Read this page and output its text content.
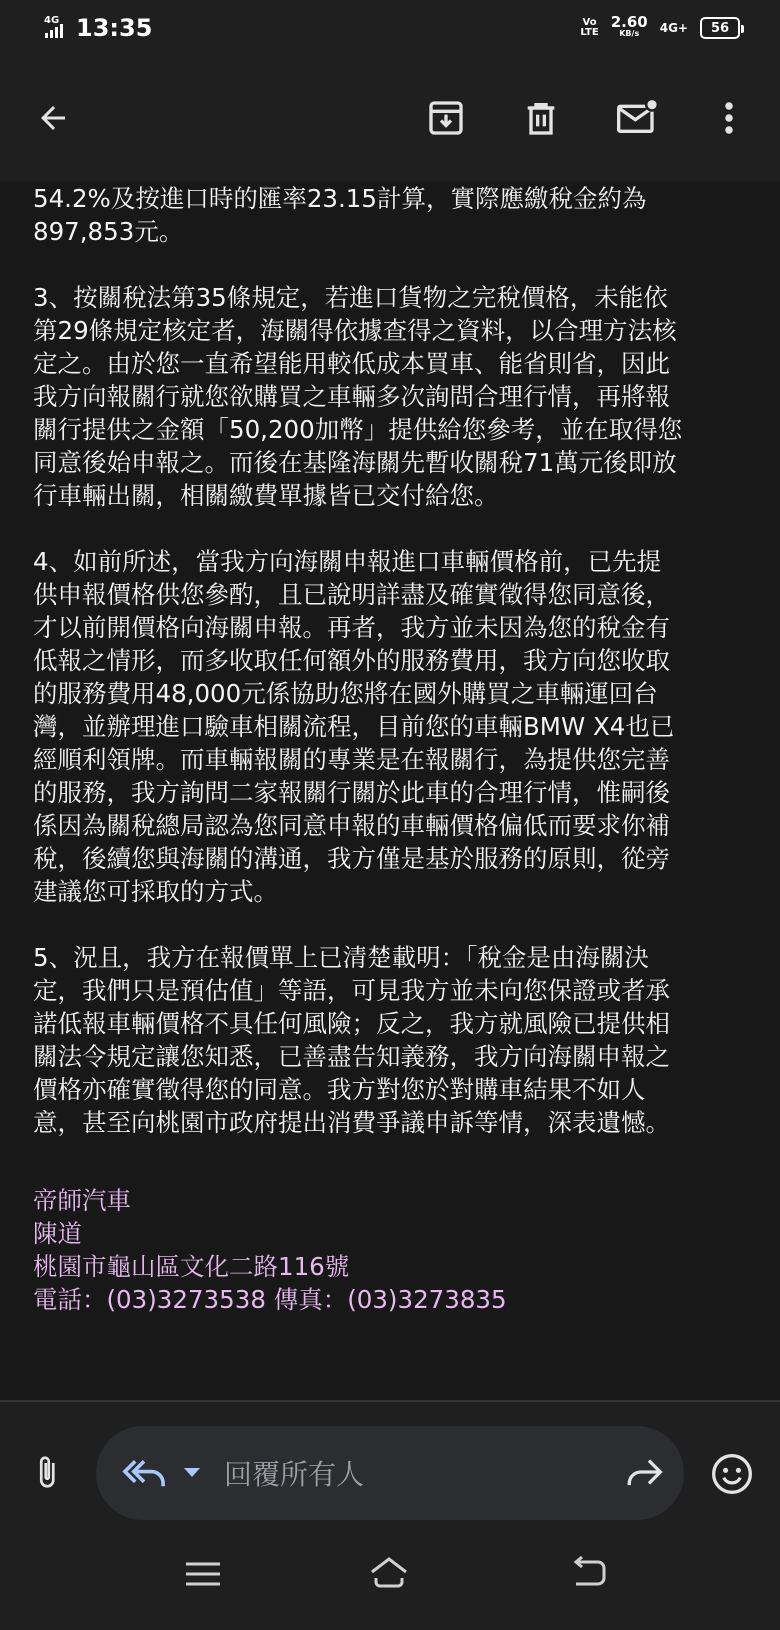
4G 13:35	Vo
LTE
2.60
KB/s	4G+ 56

54.2%及按進口時的匯率23.15計算，實際應繳稅金約為
897,853元。

3、按關稅法第35條規定，若進口貨物之完稅價格，未能依
第29條規定核定者，海關得依據查得之資料，以合理方法核
定之。由於您一直希望能用較低成本買車、能省則省，因此
我方向報關行就您欲購買之車輛多次詢問合理行情，再將報
關行提供之金額「50,200加幣」提供給您參考，並在取得您
同意後始申報之。而後在基隆海關先暫收關稅71萬元後即放
行車輛出關，相關繳費單據皆已交付給您。

4、如前所述，當我方向海關申報進口車輛價格前，已先提
供申報價格供您參酌，且已說明詳盡及確實徵得您同意後，
才以前開價格向海關申報。再者，我方並未因為您的稅金有
低報之情形，而多收取任何額外的服務費用，我方向您收取
的服務費用48,000元係協助您將在國外購買之車輛運回台
灣，並辦理進口驗車相關流程，目前您的車輛BMW X4也已
經順利領牌。而車輛報關的專業是在報關行，為提供您完善
的服務，我方詢問二家報關行關於此車的合理行情，惟嗣後
係因為關稅總局認為您同意申報的車輛價格偏低而要求你補
稅，後續您與海關的溝通，我方僅是基於服務的原則，從旁
建議您可採取的方式。

5、況且，我方在報價單上已清楚載明：「稅金是由海關決
定，我們只是預估值」等語，可見我方並未向您保證或者承
諾低報車輛價格不具任何風險；反之，我方就風險已提供相
關法令規定讓您知悉，已善盡告知義務，我方向海關申報之
價格亦確實徵得您的同意。我方對您於對購車結果不如人
意，甚至向桃園市政府提出消費爭議申訴等情，深表遺憾。

帝師汽車
陳道
桃園市龜山區文化二路116號
電話：(03)3273538 傳真：(03)3273835
回覆所有人
